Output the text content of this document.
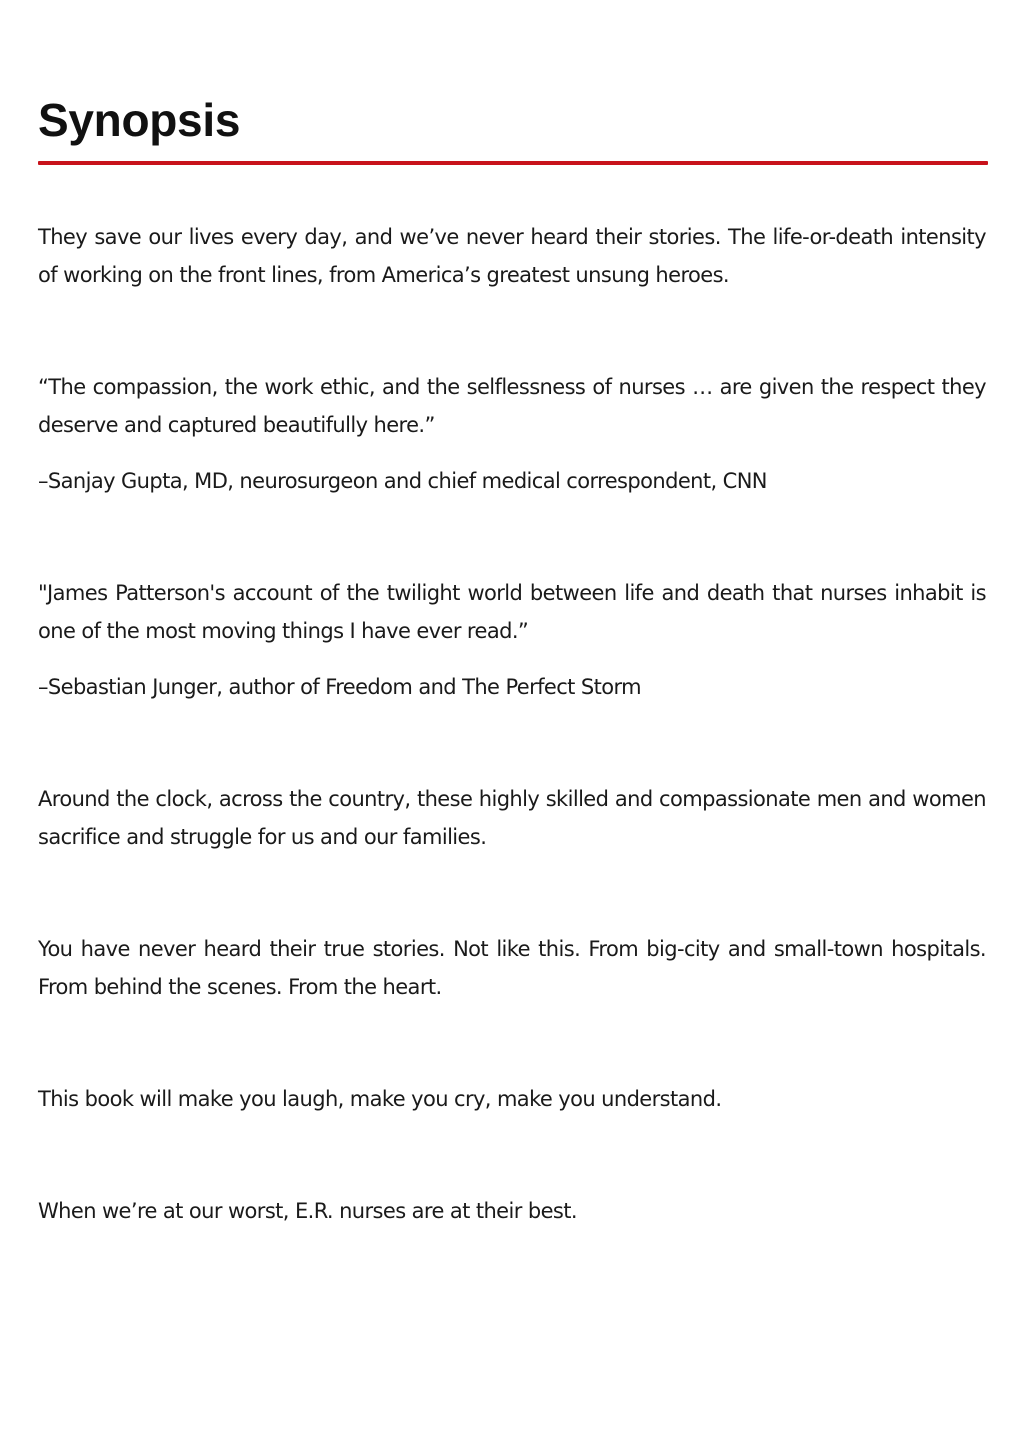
Synopsis

They save our lives every day, and we’ve never heard their stories. The life-or-death intensity of working on the front lines, from America’s greatest unsung heroes.

“The compassion, the work ethic, and the selflessness of nurses … are given the respect they deserve and captured beautifully here.”

–Sanjay Gupta, MD, neurosurgeon and chief medical correspondent, CNN

"James Patterson's account of the twilight world between life and death that nurses inhabit is one of the most moving things I have ever read.”

–Sebastian Junger, author of Freedom and The Perfect Storm

Around the clock, across the country, these highly skilled and compassionate men and women sacrifice and struggle for us and our families.

You have never heard their true stories. Not like this. From big-city and small-town hospitals. From behind the scenes. From the heart.

This book will make you laugh, make you cry, make you understand.

When we’re at our worst, E.R. nurses are at their best.
